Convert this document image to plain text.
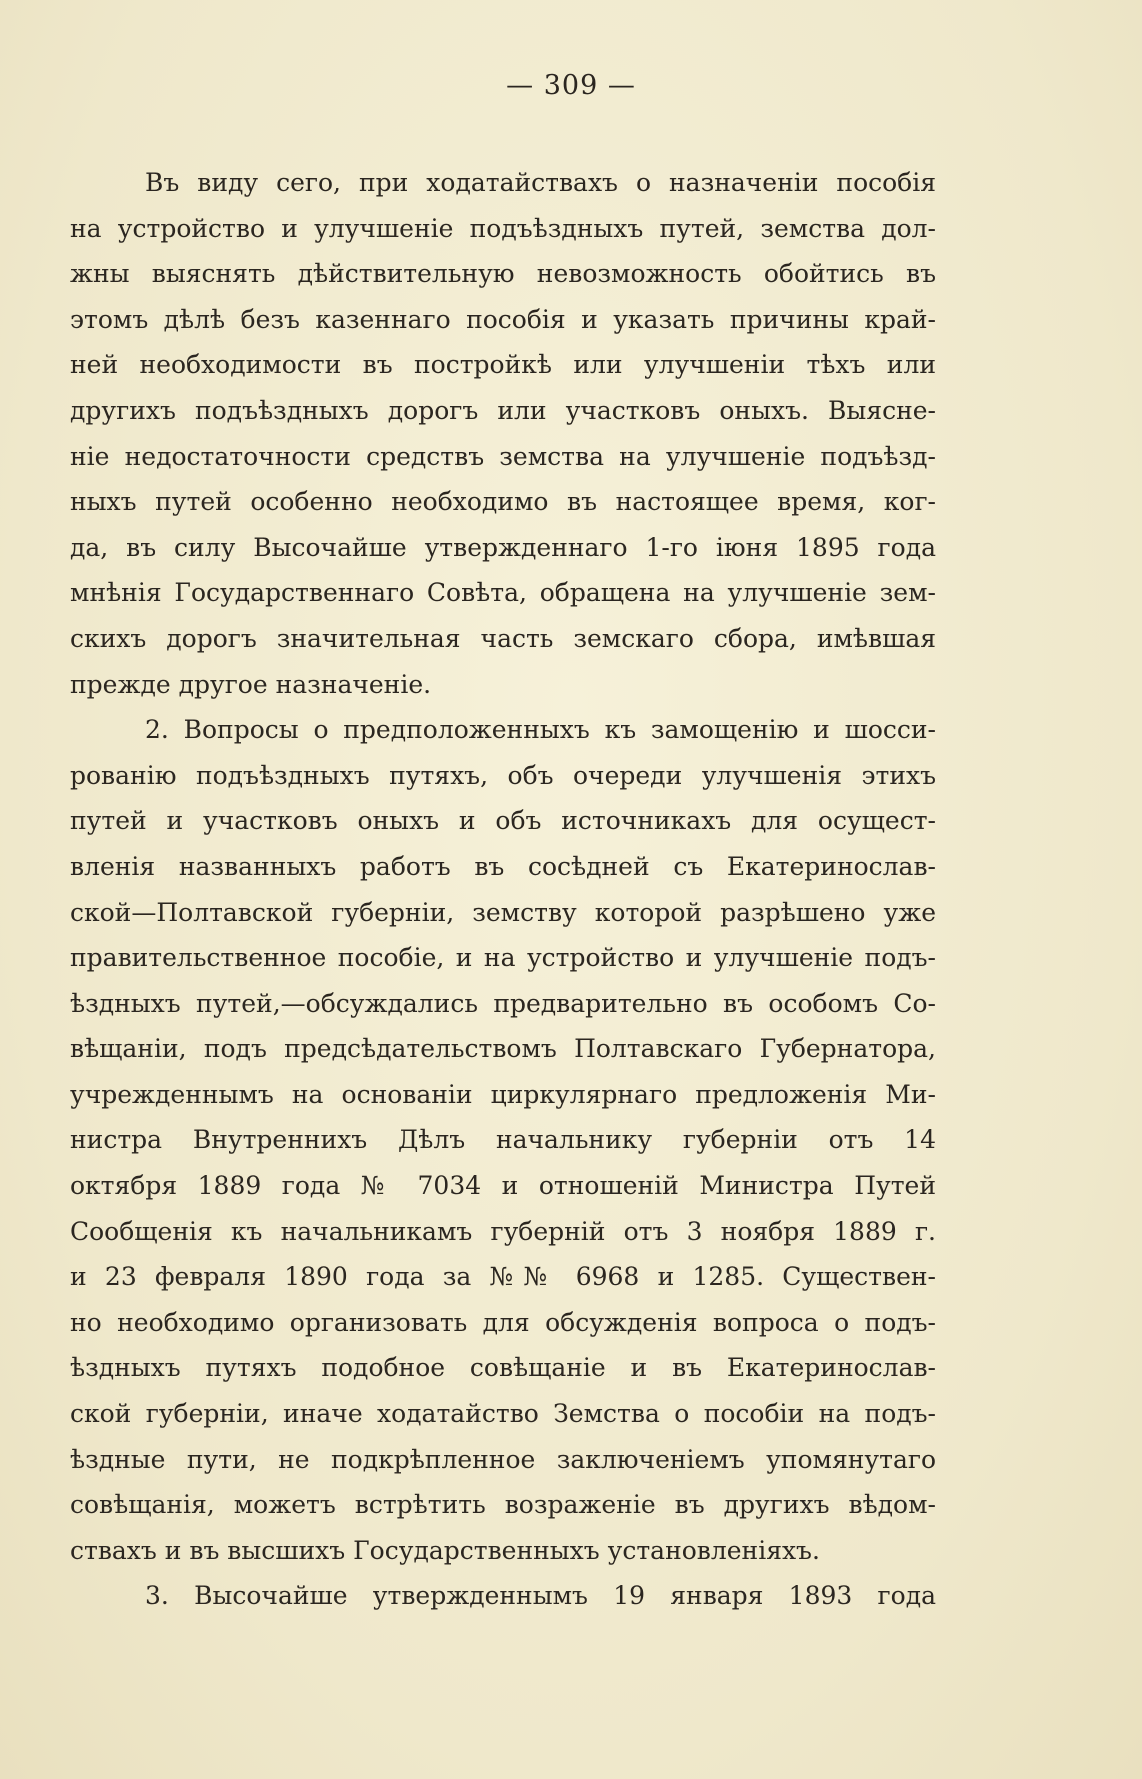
— 309 —
Въ виду сего, при ходатайствахъ о назначеніи пособія
на устройство и улучшеніе подъѣздныхъ путей, земства дол-
жны выяснять дѣйствительную невозможность обойтись въ
этомъ дѣлѣ безъ казеннаго пособія и указать причины край-
ней необходимости въ постройкѣ или улучшеніи тѣхъ или
другихъ подъѣздныхъ дорогъ или участковъ оныхъ. Выясне-
ніе недостаточности средствъ земства на улучшеніе подъѣзд-
ныхъ путей особенно необходимо въ настоящее время, ког-
да, въ силу Высочайше утвержденнаго 1-го іюня 1895 года
мнѣнія Государственнаго Совѣта, обращена на улучшеніе зем-
скихъ дорогъ значительная часть земскаго сбора, имѣвшая
прежде другое назначеніе.
2. Вопросы о предположенныхъ къ замощенію и шосси-
рованію подъѣздныхъ путяхъ, объ очереди улучшенія этихъ
путей и участковъ оныхъ и объ источникахъ для осущест-
вленія названныхъ работъ въ сосѣдней съ Екатеринослав-
ской—Полтавской губерніи, земству которой разрѣшено уже
правительственное пособіе, и на устройство и улучшеніе подъ-
ѣздныхъ путей,—обсуждались предварительно въ особомъ Со-
вѣщаніи, подъ предсѣдательствомъ Полтавскаго Губернатора,
учрежденнымъ на основаніи циркулярнаго предложенія Ми-
нистра Внутреннихъ Дѣлъ начальнику губерніи отъ 14
октября 1889 года № 7034 и отношеній Министра Путей
Сообщенія къ начальникамъ губерній отъ 3 ноября 1889 г.
и 23 февраля 1890 года за №№ 6968 и 1285. Существен-
но необходимо организовать для обсужденія вопроса о подъ-
ѣздныхъ путяхъ подобное совѣщаніе и въ Екатеринослав-
ской губерніи, иначе ходатайство Земства о пособіи на подъ-
ѣздные пути, не подкрѣпленное заключеніемъ упомянутаго
совѣщанія, можетъ встрѣтить возраженіе въ другихъ вѣдом-
ствахъ и въ высшихъ Государственныхъ установленіяхъ.
3. Высочайше утвержденнымъ 19 января 1893 года
